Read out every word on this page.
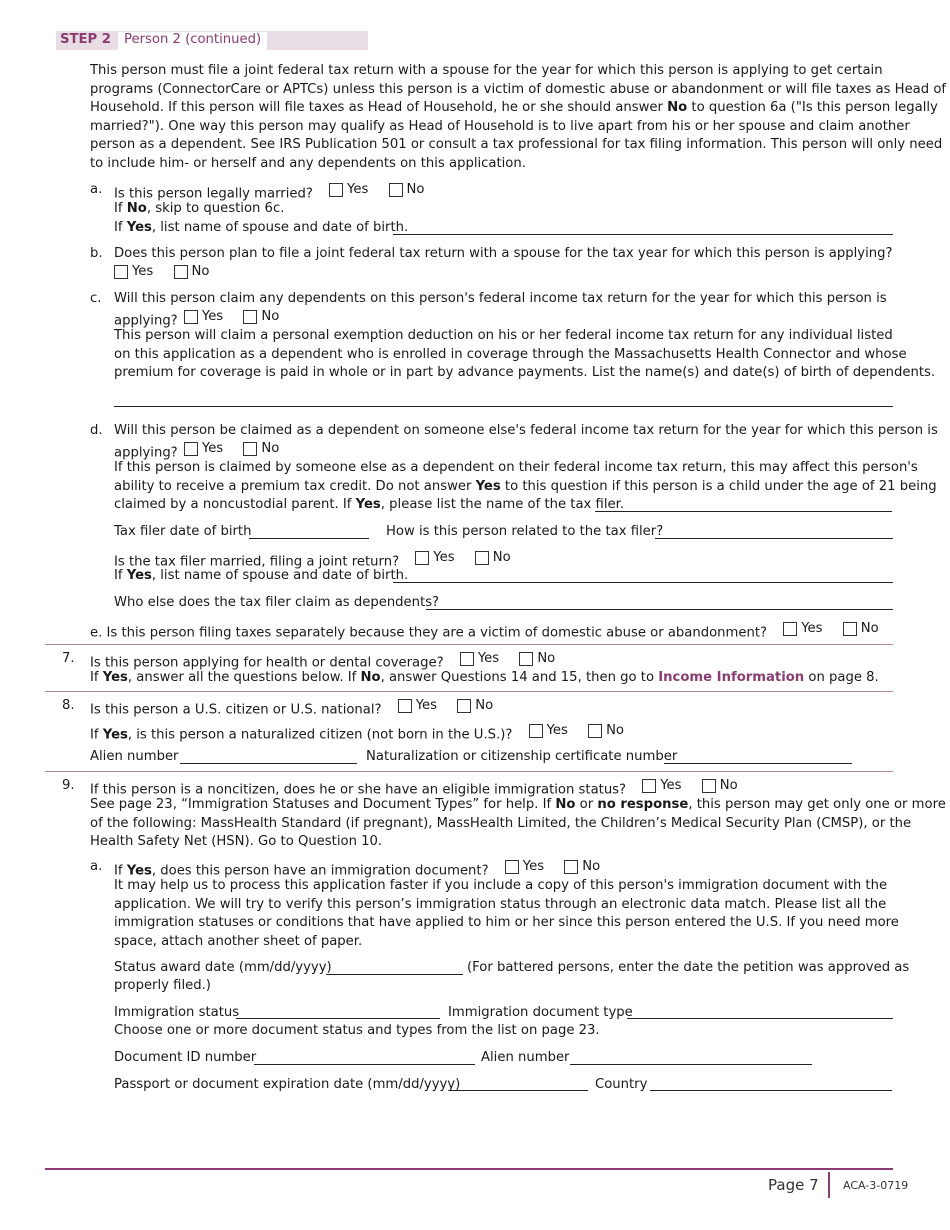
STEP 2 Person 2 (continued)
This person must file a joint federal tax return with a spouse for the year for which this person is applying to get certain
programs (ConnectorCare or APTCs) unless this person is a victim of domestic abuse or abandonment or will file taxes as Head of
Household. If this person will file taxes as Head of Household, he or she should answer No to question 6a ("Is this person legally
married?"). One way this person may qualify as Head of Household is to live apart from his or her spouse and claim another
person as a dependent. See IRS Publication 501 or consult a tax professional for tax filing information. This person will only need
to include him- or herself and any dependents on this application.
a. Is this person legally married?	Yes
	No
If No, skip to question 6c.
If Yes, list name of spouse and date of birth.
b. Does this person plan to file a joint federal tax return with a spouse for the tax year for which this person is applying?
Yes
	No
c. Will this person claim any dependents on this person's federal income tax return for the year for which this person is
applying? Yes
	No
This person will claim a personal exemption deduction on his or her federal income tax return for any individual listed
on this application as a dependent who is enrolled in coverage through the Massachusetts Health Connector and whose
premium for coverage is paid in whole or in part by advance payments. List the name(s) and date(s) of birth of dependents.
d. Will this person be claimed as a dependent on someone else's federal income tax return for the year for which this person is
applying? Yes
	No
If this person is claimed by someone else as a dependent on their federal income tax return, this may affect this person's
ability to receive a premium tax credit. Do not answer Yes to this question if this person is a child under the age of 21 being
claimed by a noncustodial parent. If Yes, please list the name of the tax filer.
Tax filer date of birth	How is this person related to the tax filer?
Is the tax filer married, filing a joint return?	Yes
	No
If Yes, list name of spouse and date of birth.
Who else does the tax filer claim as dependents?
e. Is this person filing taxes separately because they are a victim of domestic abuse or abandonment?	Yes
	No
7. Is this person applying for health or dental coverage?	Yes
	No
If Yes, answer all the questions below. If No, answer Questions 14 and 15, then go to Income Information on page 8.
8. Is this person a U.S. citizen or U.S. national?	Yes
	No
If Yes, is this person a naturalized citizen (not born in the U.S.)?	Yes
	No
Alien number	Naturalization or citizenship certificate number
9. If this person is a noncitizen, does he or she have an eligible immigration status?	Yes
	No
See page 23, “Immigration Statuses and Document Types” for help. If No or no response, this person may get only one or more
of the following: MassHealth Standard (if pregnant), MassHealth Limited, the Children’s Medical Security Plan (CMSP), or the
Health Safety Net (HSN). Go to Question 10.
a. If Yes, does this person have an immigration document?	Yes
	No
It may help us to process this application faster if you include a copy of this person's immigration document with the
application. We will try to verify this person’s immigration status through an electronic data match. Please list all the
immigration statuses or conditions that have applied to him or her since this person entered the U.S. If you need more
space, attach another sheet of paper.
Status award date (mm/dd/yyyy)	(For battered persons, enter the date the petition was approved as
properly filed.)
Immigration status	Immigration document type
Choose one or more document status and types from the list on page 23.
Document ID number	Alien number
Passport or document expiration date (mm/dd/yyyy)	Country
Page 7 ACA-3-0719
